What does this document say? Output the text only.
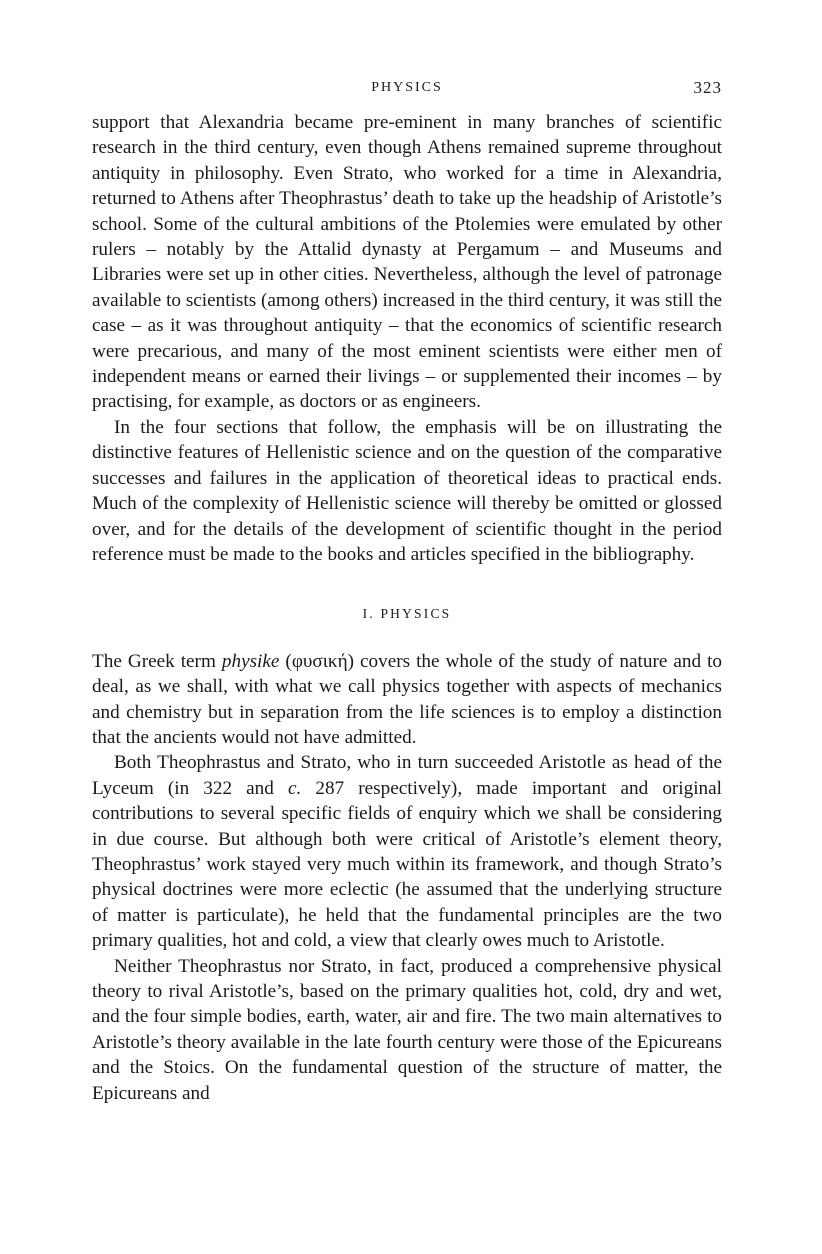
PHYSICS	323

support that Alexandria became pre-eminent in many branches of scientific research in the third century, even though Athens remained supreme throughout antiquity in philosophy. Even Strato, who worked for a time in Alexandria, returned to Athens after Theophrastus’ death to take up the headship of Aristotle’s school. Some of the cultural ambitions of the Ptolemies were emulated by other rulers – notably by the Attalid dynasty at Pergamum – and Museums and Libraries were set up in other cities. Nevertheless, although the level of patronage available to scientists (among others) increased in the third century, it was still the case – as it was throughout antiquity – that the economics of scientific research were precarious, and many of the most eminent scientists were either men of independent means or earned their livings – or supplemented their incomes – by practising, for example, as doctors or as engineers.

In the four sections that follow, the emphasis will be on illustrating the distinctive features of Hellenistic science and on the question of the comparative successes and failures in the application of theoretical ideas to practical ends. Much of the complexity of Hellenistic science will thereby be omitted or glossed over, and for the details of the development of scientific thought in the period reference must be made to the books and articles specified in the bibliography.

I. PHYSICS

The Greek term physike (φυσική) covers the whole of the study of nature and to deal, as we shall, with what we call physics together with aspects of mechanics and chemistry but in separation from the life sciences is to employ a distinction that the ancients would not have admitted.

Both Theophrastus and Strato, who in turn succeeded Aristotle as head of the Lyceum (in 322 and c. 287 respectively), made important and original contributions to several specific fields of enquiry which we shall be considering in due course. But although both were critical of Aristotle’s element theory, Theophrastus’ work stayed very much within its framework, and though Strato’s physical doctrines were more eclectic (he assumed that the underlying structure of matter is particulate), he held that the fundamental principles are the two primary qualities, hot and cold, a view that clearly owes much to Aristotle.

Neither Theophrastus nor Strato, in fact, produced a comprehensive physical theory to rival Aristotle’s, based on the primary qualities hot, cold, dry and wet, and the four simple bodies, earth, water, air and fire. The two main alternatives to Aristotle’s theory available in the late fourth century were those of the Epicureans and the Stoics. On the fundamental question of the structure of matter, the Epicureans and
